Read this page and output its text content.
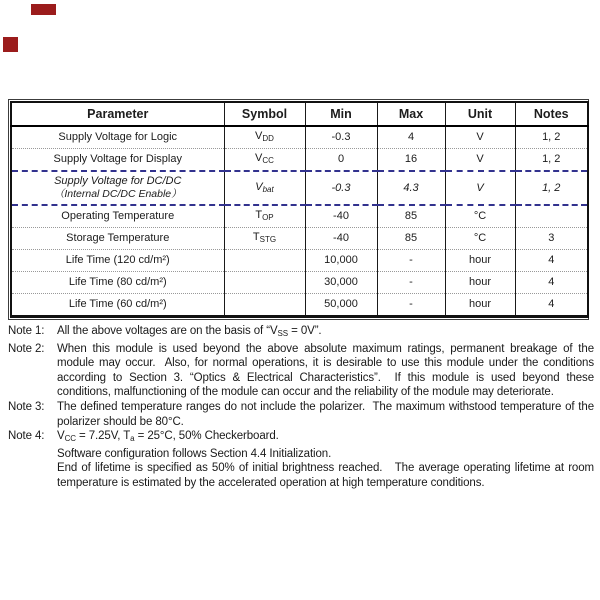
Parameter	Symbol	Min	Max	Unit	Notes

Supply Voltage for Logic	VDD	-0.3	4	V	1, 2

Supply Voltage for Display	VCC	0	16	V	1, 2

Supply Voltage for DC/DC
（Internal DC/DC Enable）	Vbat	-0.3	4.3	V	1, 2

Operating Temperature	TOP	-40	85	°C	

Storage Temperature	TSTG	-40	85	°C	3

Life Time (120 cd/m²)		10,000	-	hour	4

Life Time (80 cd/m²)		30,000	-	hour	4

Life Time (60 cd/m²)		50,000	-	hour	4
Note 1:	All the above voltages are on the basis of “$V_{SS} = 0V$”.

Note 2:	When this module is used beyond the above absolute maximum ratings, permanent breakage of the module may occur.  Also, for normal operations, it is desirable to use this module under the conditions according to Section 3. “Optics & Electrical Characteristics”.  If this module is used beyond these conditions, malfunctioning of the module can occur and the reliability of the module may deteriorate.

Note 3:	The defined temperature ranges do not include the polarizer.  The maximum withstood temperature of the polarizer should be 80°C.

Note 4:	$V_{CC} = 7.25V$, $T_a = 25^\circ C$, 50% Checkerboard.

Software configuration follows Section 4.4 Initialization.

End of lifetime is specified as 50% of initial brightness reached.   The average operating lifetime at room temperature is estimated by the accelerated operation at high temperature conditions.
